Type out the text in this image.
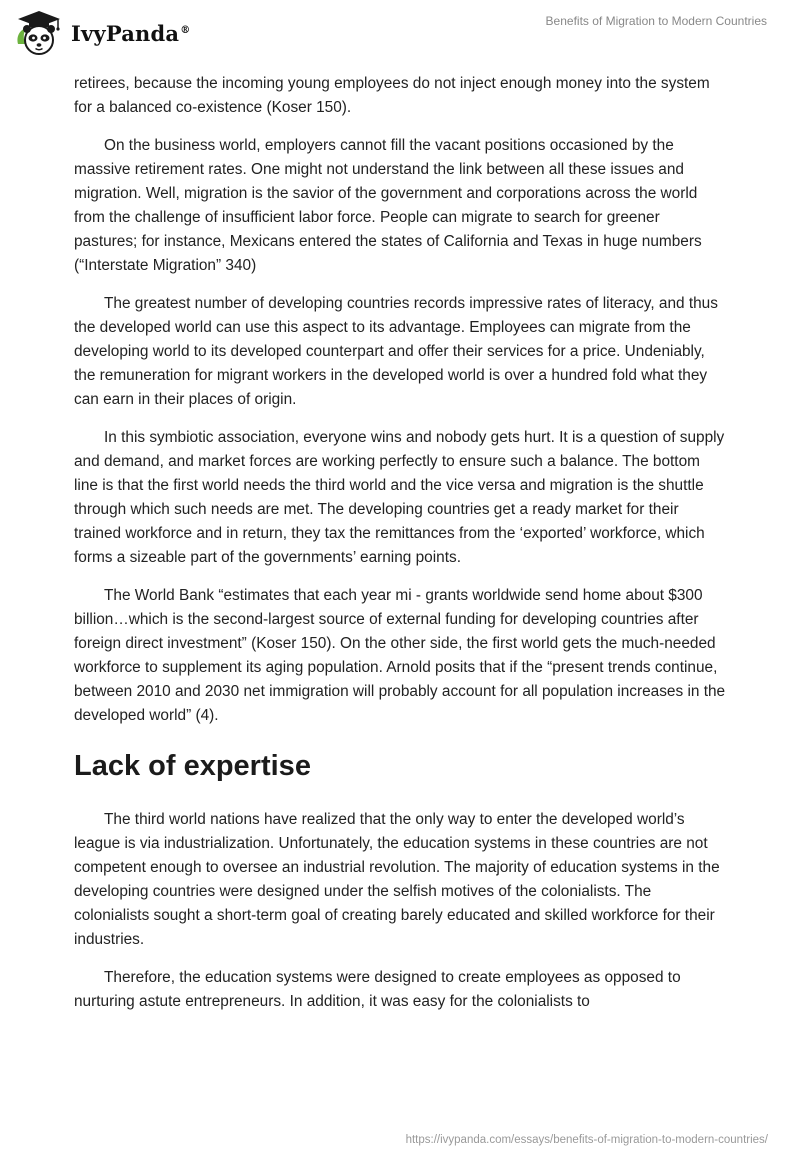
IvyPanda®
Benefits of Migration to Modern Countries

retirees, because the incoming young employees do not inject enough money into the system for a balanced co-existence (Koser 150).

On the business world, employers cannot fill the vacant positions occasioned by the massive retirement rates. One might not understand the link between all these issues and migration. Well, migration is the savior of the government and corporations across the world from the challenge of insufficient labor force. People can migrate to search for greener pastures; for instance, Mexicans entered the states of California and Texas in huge numbers (“Interstate Migration” 340)

The greatest number of developing countries records impressive rates of literacy, and thus the developed world can use this aspect to its advantage. Employees can migrate from the developing world to its developed counterpart and offer their services for a price. Undeniably, the remuneration for migrant workers in the developed world is over a hundred fold what they can earn in their places of origin.

In this symbiotic association, everyone wins and nobody gets hurt. It is a question of supply and demand, and market forces are working perfectly to ensure such a balance. The bottom line is that the first world needs the third world and the vice versa and migration is the shuttle through which such needs are met. The developing countries get a ready market for their trained workforce and in return, they tax the remittances from the ‘exported’ workforce, which forms a sizeable part of the governments’ earning points.

The World Bank “estimates that each year mi - grants worldwide send home about $300 billion…which is the second-largest source of external funding for developing countries after foreign direct investment” (Koser 150). On the other side, the first world gets the much-needed workforce to supplement its aging population. Arnold posits that if the “present trends continue, between 2010 and 2030 net immigration will probably account for all population increases in the developed world” (4).

Lack of expertise

The third world nations have realized that the only way to enter the developed world’s league is via industrialization. Unfortunately, the education systems in these countries are not competent enough to oversee an industrial revolution. The majority of education systems in the developing countries were designed under the selfish motives of the colonialists. The colonialists sought a short-term goal of creating barely educated and skilled workforce for their industries.

Therefore, the education systems were designed to create employees as opposed to nurturing astute entrepreneurs. In addition, it was easy for the colonialists to

https://ivypanda.com/essays/benefits-of-migration-to-modern-countries/
